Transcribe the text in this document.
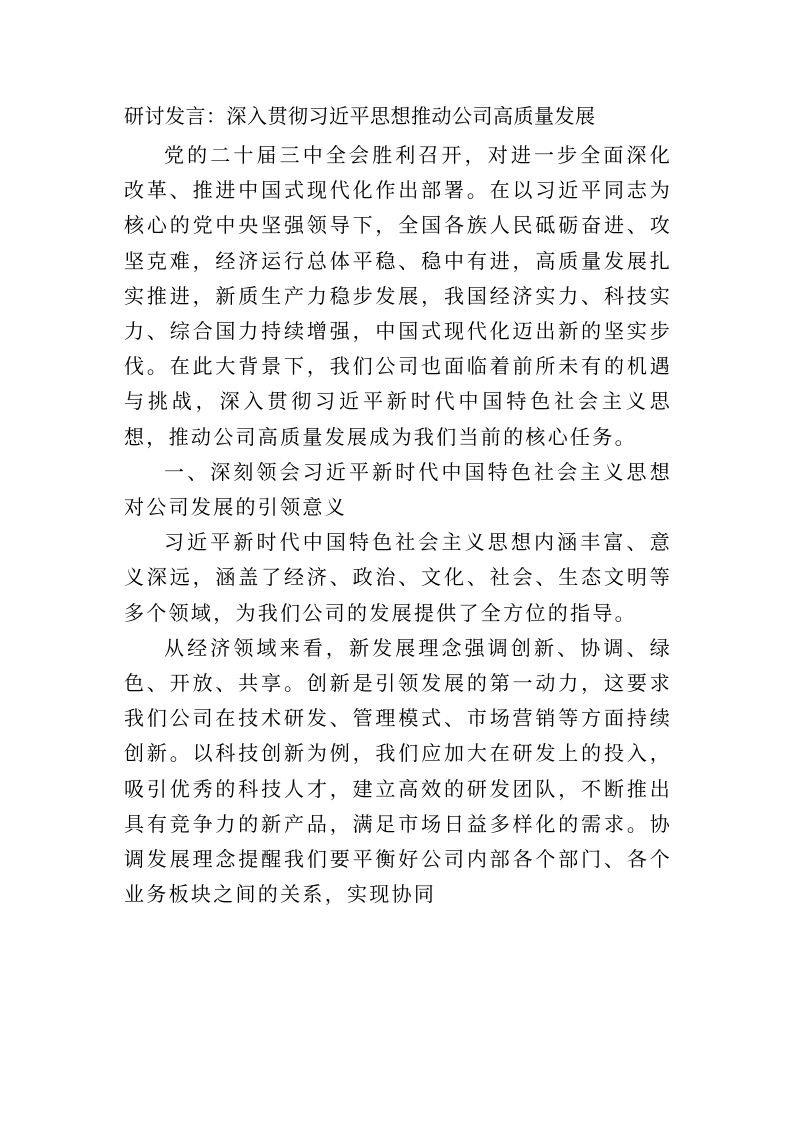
研讨发言：深入贯彻习近平思想推动公司高质量发展

党的二十届三中全会胜利召开，对进一步全面深化改革、推进中国式现代化作出部署。在以习近平同志为核心的党中央坚强领导下，全国各族人民砥砺奋进、攻坚克难，经济运行总体平稳、稳中有进，高质量发展扎实推进，新质生产力稳步发展，我国经济实力、科技实力、综合国力持续增强，中国式现代化迈出新的坚实步伐。在此大背景下，我们公司也面临着前所未有的机遇与挑战，深入贯彻习近平新时代中国特色社会主义思想，推动公司高质量发展成为我们当前的核心任务。

一、深刻领会习近平新时代中国特色社会主义思想对公司发展的引领意义

习近平新时代中国特色社会主义思想内涵丰富、意义深远，涵盖了经济、政治、文化、社会、生态文明等多个领域，为我们公司的发展提供了全方位的指导。

从经济领域来看，新发展理念强调创新、协调、绿色、开放、共享。创新是引领发展的第一动力，这要求我们公司在技术研发、管理模式、市场营销等方面持续创新。以科技创新为例，我们应加大在研发上的投入，吸引优秀的科技人才，建立高效的研发团队，不断推出具有竞争力的新产品，满足市场日益多样化的需求。协调发展理念提醒我们要平衡好公司内部各个部门、各个业务板块之间的关系，实现协同
